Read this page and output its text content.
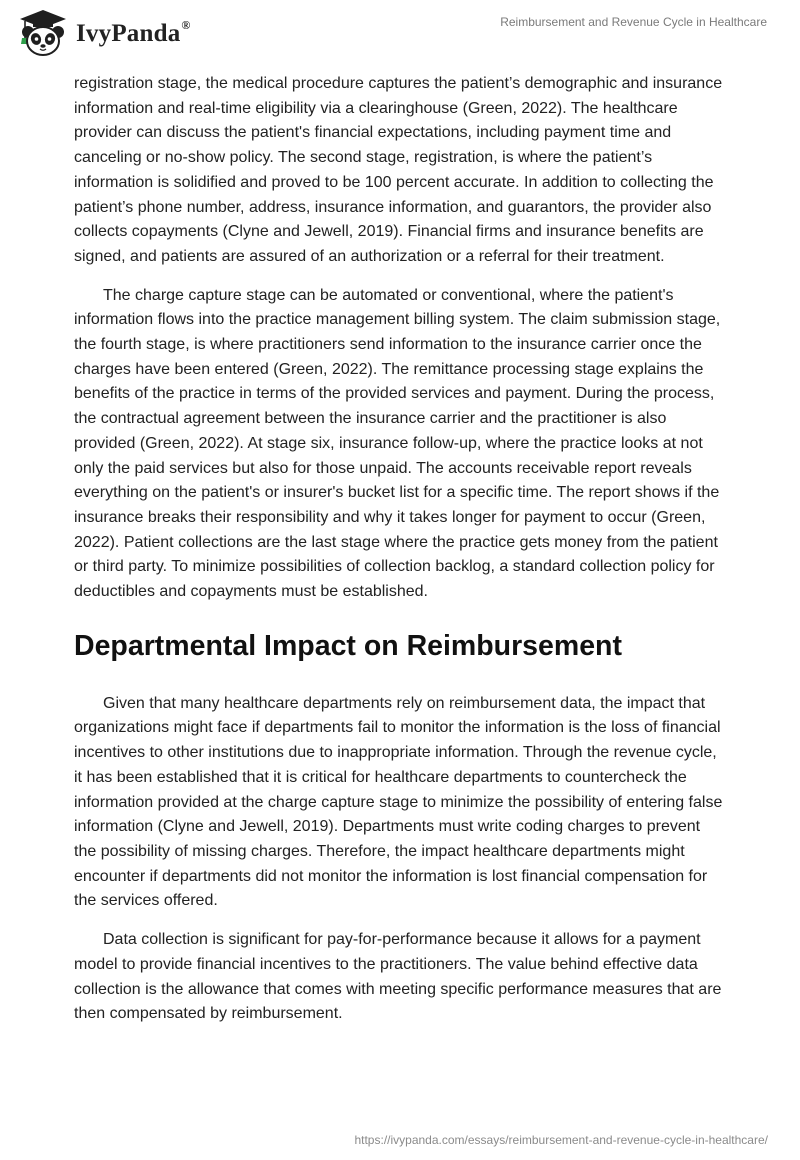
IvyPanda®	Reimbursement and Revenue Cycle in Healthcare

registration stage, the medical procedure captures the patient’s demographic and insurance information and real-time eligibility via a clearinghouse (Green, 2022). The healthcare provider can discuss the patient's financial expectations, including payment time and canceling or no-show policy. The second stage, registration, is where the patient’s information is solidified and proved to be 100 percent accurate. In addition to collecting the patient’s phone number, address, insurance information, and guarantors, the provider also collects copayments (Clyne and Jewell, 2019). Financial firms and insurance benefits are signed, and patients are assured of an authorization or a referral for their treatment.

The charge capture stage can be automated or conventional, where the patient's information flows into the practice management billing system. The claim submission stage, the fourth stage, is where practitioners send information to the insurance carrier once the charges have been entered (Green, 2022). The remittance processing stage explains the benefits of the practice in terms of the provided services and payment. During the process, the contractual agreement between the insurance carrier and the practitioner is also provided (Green, 2022). At stage six, insurance follow-up, where the practice looks at not only the paid services but also for those unpaid. The accounts receivable report reveals everything on the patient's or insurer's bucket list for a specific time. The report shows if the insurance breaks their responsibility and why it takes longer for payment to occur (Green, 2022). Patient collections are the last stage where the practice gets money from the patient or third party. To minimize possibilities of collection backlog, a standard collection policy for deductibles and copayments must be established.

Departmental Impact on Reimbursement

Given that many healthcare departments rely on reimbursement data, the impact that organizations might face if departments fail to monitor the information is the loss of financial incentives to other institutions due to inappropriate information. Through the revenue cycle, it has been established that it is critical for healthcare departments to countercheck the information provided at the charge capture stage to minimize the possibility of entering false information (Clyne and Jewell, 2019). Departments must write coding charges to prevent the possibility of missing charges. Therefore, the impact healthcare departments might encounter if departments did not monitor the information is lost financial compensation for the services offered.

Data collection is significant for pay-for-performance because it allows for a payment model to provide financial incentives to the practitioners. The value behind effective data collection is the allowance that comes with meeting specific performance measures that are then compensated by reimbursement.

https://ivypanda.com/essays/reimbursement-and-revenue-cycle-in-healthcare/
